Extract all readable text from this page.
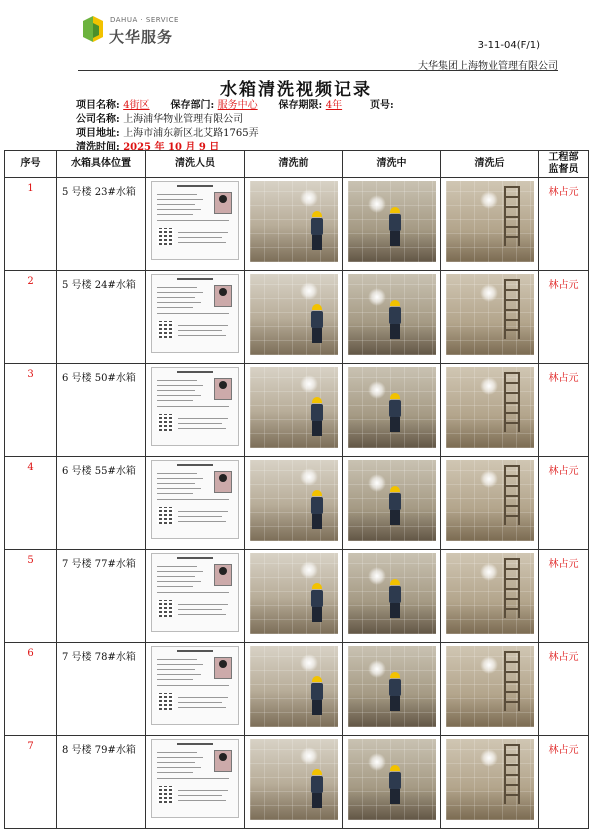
DAHUA · SERVICE
大华服务	3-11-04(F/1)
大华集团上海物业管理有限公司
水箱清洗视频记录
项目名称: 4街区 保存部门: 服务中心 保存期限: 4年	页号:
公司名称: 上海浦华物业管理有限公司
项目地址: 上海市浦东新区北艾路1765弄
清洗时间: 2025 年 10 月 9 日
序号	水箱具体位置	清洗人员	清洗前	清洗中	清洗后	工程部
监督员
1	5 号楼 23#水箱					林占元
2	5 号楼 24#水箱					林占元
3	6 号楼 50#水箱					林占元
4	6 号楼 55#水箱					林占元
5	7 号楼 77#水箱					林占元
6	7 号楼 78#水箱					林占元
7	8 号楼 79#水箱					林占元
